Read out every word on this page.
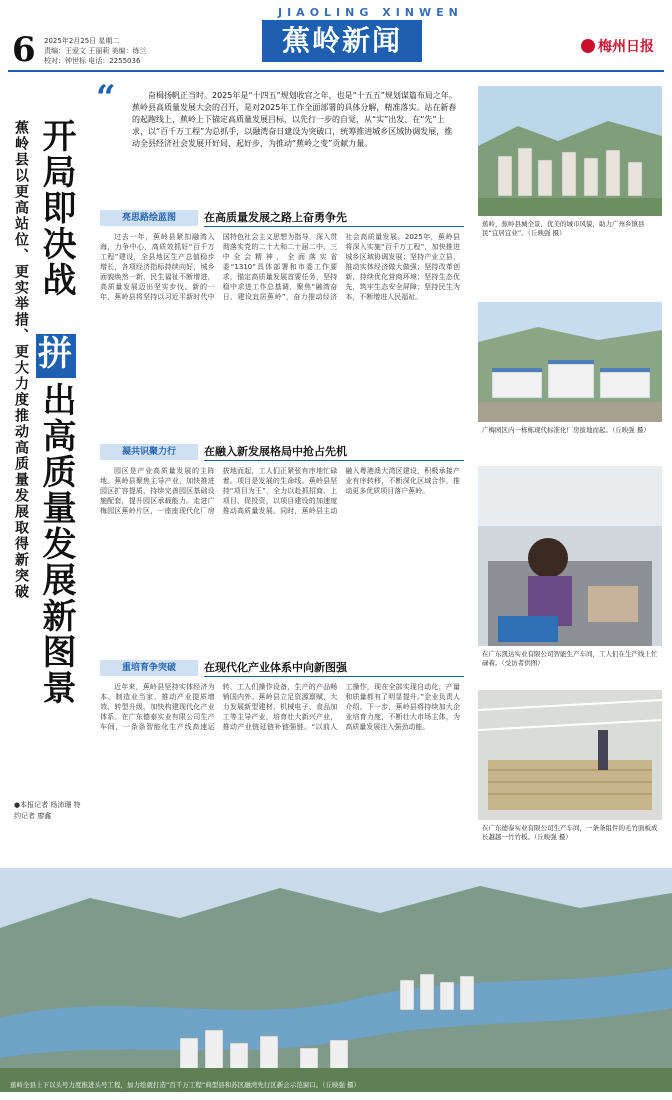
6 2025年2月25日 星期二
责编：王爱文 王丽莉 美编：练兰
校对：钟世标 电话：2255036
JIAOLING XINWEN
蕉岭新闻	梅州日报
蕉岭县以更高站位、更实举措、更大力度推动高质量发展取得新突破 开局即决战
拼
出高质量发展新图景
●本报记者 杨沛珊 特约记者 廖鑫
“	奋楫扬帆正当时。2025年是“十四五”规划收官之年，也是“十五五”规划谋篇布局之年。蕉岭县高质量发展大会的召开，是对2025年工作全面部署的具体分解，精准落实。站在新春的起跑线上，蕉岭上下锚定高质量发展目标，以先行一步的自觉，从“实”出发、在“先”上求，以“百千万工程”为总抓手，以融湾奋日建设为突破口，统筹推进城乡区域协调发展，推动全县经济社会发展开好局、起好步，为推动“蕉岭之变”贡献力量。
亮思路绘蓝图	在高质量发展之路上奋勇争先

过去一年，蕉岭县紧扣融湾入海，力争中心，高质效抓好“百千万工程”建设，全县地区生产总值稳步增长，各项经济指标持续向好，城乡面貌焕然一新，民生福祉不断增进，高质量发展迈出坚实步伐。新的一年，蕉岭县将坚持以习近平新时代中国特色社会主义思想为指导，深入贯彻落实党的二十大和二十届二中、三中全会精神，全面落实省委“1310”具体部署和市委工作要求，锚定高质量发展首要任务，坚持稳中求进工作总基调，聚焦“融湾奋日、建设宜居蕉岭”，奋力推动经济社会高质量发展。2025年，蕉岭县将深入实施“百千万工程”，加快推进城乡区域协调发展；坚持产业立县，推动实体经济做大做强；坚持改革创新，持续优化营商环境；坚持生态优先，筑牢生态安全屏障；坚持民生为本，不断增进人民福祉。

凝共识聚力行	在融入新发展格局中抢占先机

园区是产业高质量发展的主阵地。蕉岭县聚焦主导产业，加快推进园区扩容提质，持续完善园区基础设施配套，提升园区承载能力。走进广梅园区蕉岭片区，一座座现代化厂房拔地而起，工人们正紧张有序地忙碌着。项目是发展的生命线。蕉岭县坚持“项目为王”，全力以赴抓招商、上项目、促投资，以项目建设的加速度推动高质量发展。同时，蕉岭县主动融入粤港澳大湾区建设，积极承接产业有序转移，不断深化区域合作，推动更多优质项目落户蕉岭。

重培育争突破	在现代化产业体系中向新图强

近年来，蕉岭县坚持实体经济为本、制造业当家，推动产业提质增效、转型升级，加快构建现代化产业体系。在广东德泰实业有限公司生产车间，一条条智能化生产线高速运转，工人们操作设备，生产的产品畅销国内外。蕉岭县立足资源禀赋，大力发展新型建材、机械电子、食品加工等主导产业，培育壮大新兴产业，推动产业链延链补链强链。“以前人工操作，现在全部实现自动化，产量和质量都有了明显提升。”企业负责人介绍。下一步，蕉岭县将持续加大企业培育力度，不断壮大市场主体，为高质量发展注入强劲动能。

蕉岭，蕉岭县城全景，优美的城市风貌，助力广州乡镇县民“宜居宜业”。（丘映强 摄）
广梅园区内一栋栋现代标准化厂房拔地而起。（丘映强 摄）
在广东凯达实业有限公司智能生产车间，工人们在生产线上忙碌着。（受访者供图）
在广东德泰实业有限公司生产车间，一条条组件的毛竹面板成长越越一竹竹板。（丘映强 摄）
蕉岭全县上下以头号力度推进头号工程，加力绘就打造“百千万工程”典型县和苏区融湾先行区新会示范窗口。（丘映强 摄）
